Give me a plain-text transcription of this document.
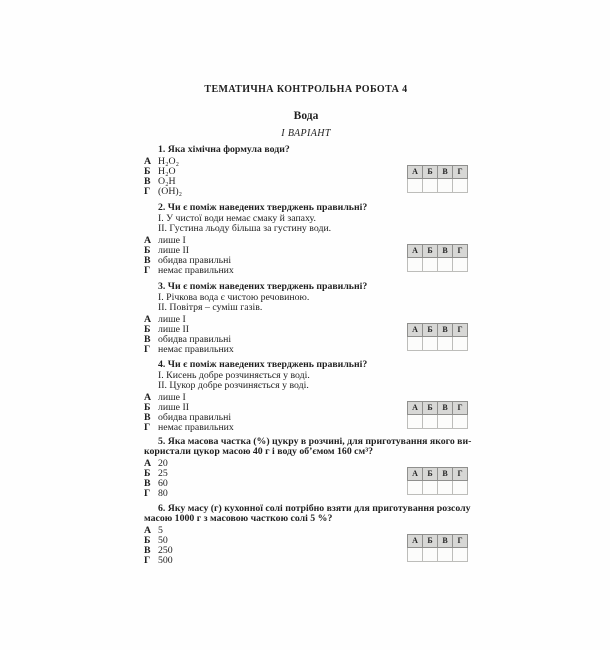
ТЕМАТИЧНА КОНТРОЛЬНА РОБОТА 4
Вода
І ВАРІАНТ
1. Яка хімічна формула води?
А H₂O₂
Б H₂O
В O₂H
Г (OH)₂
А	Б	В	Г

2. Чи є поміж наведених тверджень правильні?
І. У чистої води немає смаку й запаху.
ІІ. Густина льоду більша за густину води.
А лише І
Б лише ІІ
В обидва правильні
Г немає правильних
А	Б	В	Г

3. Чи є поміж наведених тверджень правильні?
І. Річкова вода є чистою речовиною.
ІІ. Повітря – суміш газів.
А лише І
Б лише ІІ
В обидва правильні
Г немає правильних
А	Б	В	Г

4. Чи є поміж наведених тверджень правильні?
І. Кисень добре розчиняється у воді.
ІІ. Цукор добре розчиняється у воді.
А лише І
Б лише ІІ
В обидва правильні
Г немає правильних
А	Б	В	Г

5. Яка масова частка (%) цукру в розчині, для приготування якого ви-
користали цукор масою 40 г і воду об’ємом 160 см³?
А 20
Б 25
В 60
Г 80
А	Б	В	Г

6. Яку масу (г) кухонної солі потрібно взяти для приготування розсолу
масою 1000 г з масовою часткою солі 5 %?
А 5
Б 50
В 250
Г 500
А	Б	В	Г
